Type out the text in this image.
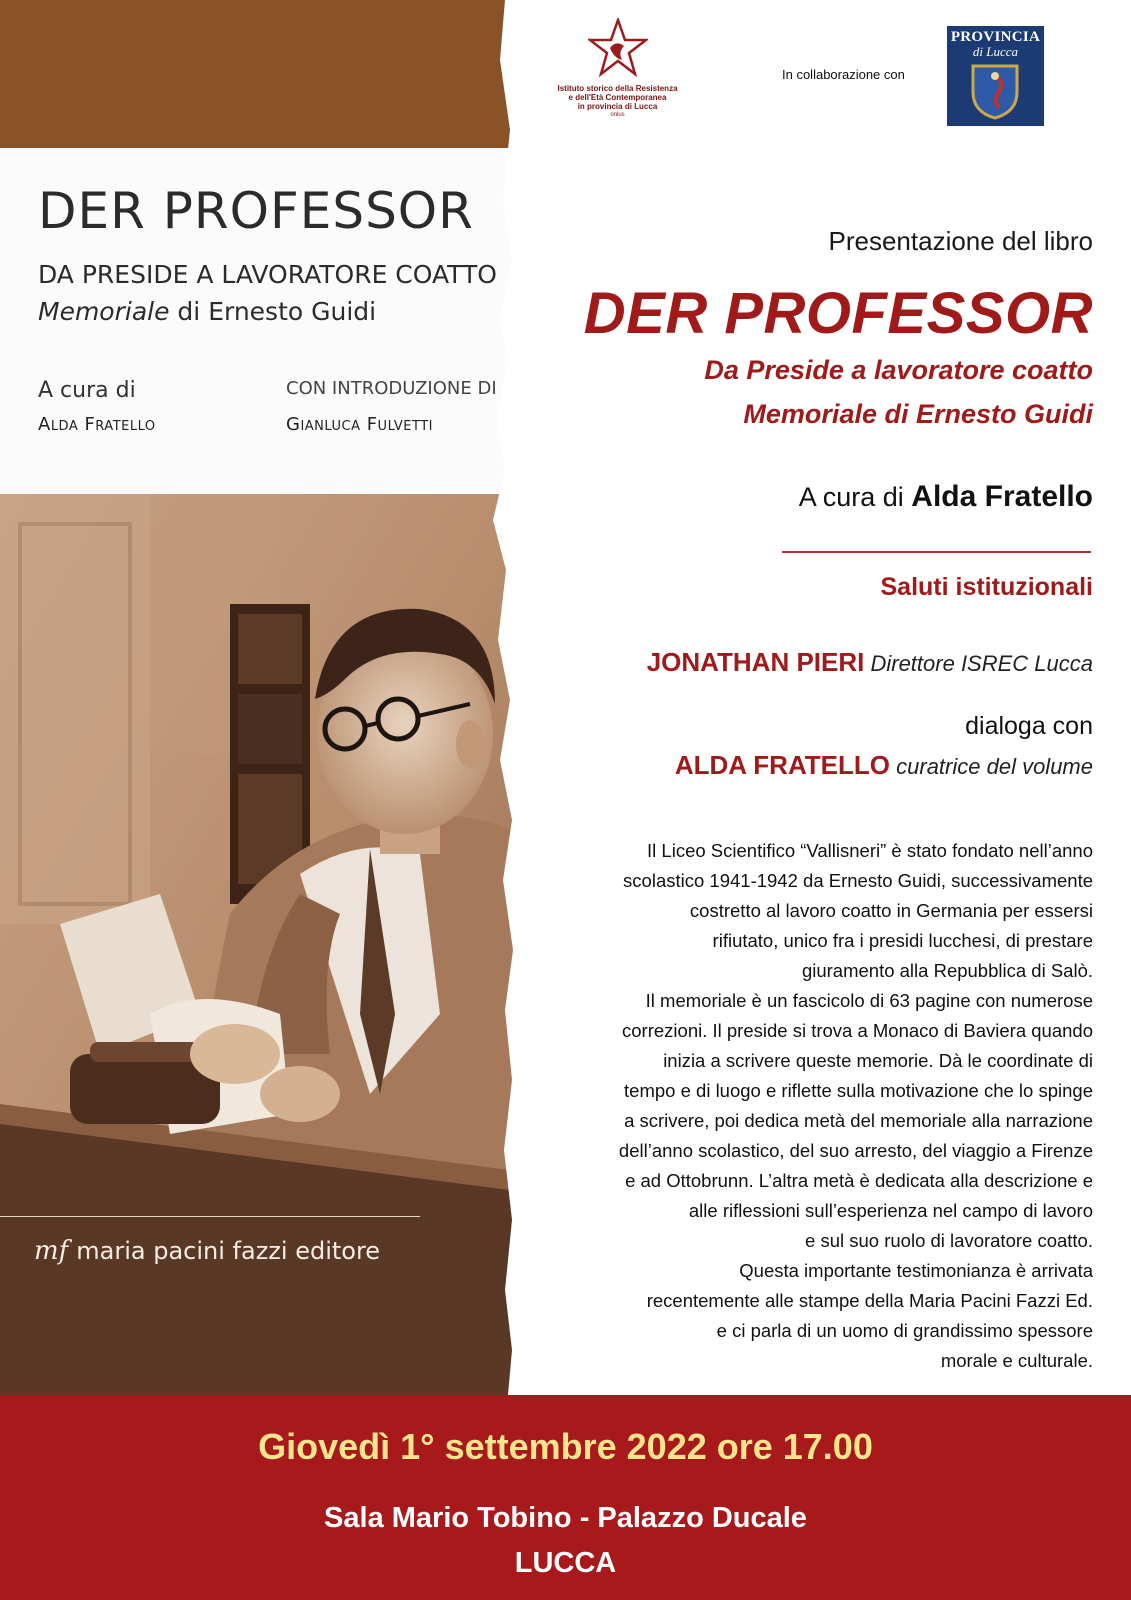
DER PROFESSOR
DA PRESIDE A LAVORATORE COATTO
Memoriale di Ernesto Guidi
A cura di
Alda Fratello
CON INTRODUZIONE DI
Gianluca Fulvetti
mf maria pacini fazzi editore
Istituto storico della Resistenza
e dell'Età Contemporanea
in provincia di Lucca
onlus
In collaborazione con
PROVINCIA
di Lucca
Presentazione del libro
DER PROFESSOR
Da Preside a lavoratore coatto
Memoriale di Ernesto Guidi
A cura di Alda Fratello
Saluti istituzionali
JONATHAN PIERI Direttore ISREC Lucca
dialoga con
ALDA FRATELLO curatrice del volume
Il Liceo Scientifico “Vallisneri” è stato fondato nell’anno
scolastico 1941-1942 da Ernesto Guidi, successivamente
costretto al lavoro coatto in Germania per essersi
rifiutato, unico fra i presidi lucchesi, di prestare
giuramento alla Repubblica di Salò.
Il memoriale è un fascicolo di 63 pagine con numerose
correzioni. Il preside si trova a Monaco di Baviera quando
inizia a scrivere queste memorie. Dà le coordinate di
tempo e di luogo e riflette sulla motivazione che lo spinge
a scrivere, poi dedica metà del memoriale alla narrazione
dell’anno scolastico, del suo arresto, del viaggio a Firenze
e ad Ottobrunn. L’altra metà è dedicata alla descrizione e
alle riflessioni sull’esperienza nel campo di lavoro
e sul suo ruolo di lavoratore coatto.
Questa importante testimonianza è arrivata
recentemente alle stampe della Maria Pacini Fazzi Ed.
e ci parla di un uomo di grandissimo spessore
morale e culturale.
Giovedì 1° settembre 2022 ore 17.00
Sala Mario Tobino - Palazzo Ducale
LUCCA
